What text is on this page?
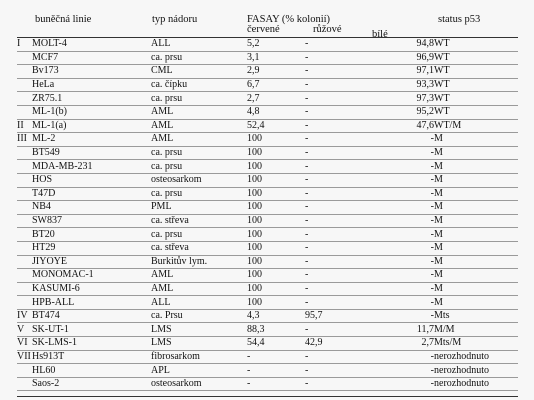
buněčná linie	typ nádoru	FASAY (% kolonií)
červené	růžové	bílé
status p53
I	MOLT-4	ALL	5,2	-	94,8	WT
	MCF7	ca. prsu	3,1	-	96,9	WT
	Bv173	CML	2,9	-	97,1	WT
	HeLa	ca. čípku	6,7	-	93,3	WT
	ZR75.1	ca. prsu	2,7	-	97,3	WT
	ML-1(b)	AML	4,8	-	95,2	WT
II	ML-1(a)	AML	52,4	-	47,6	WT/M
III	ML-2	AML	100	-	-	M
	BT549	ca. prsu	100	-	-	M
	MDA-MB-231	ca. prsu	100	-	-	M
	HOS	osteosarkom	100	-	-	M
	T47D	ca. prsu	100	-	-	M
	NB4	PML	100	-	-	M
	SW837	ca. střeva	100	-	-	M
	BT20	ca. prsu	100	-	-	M
	HT29	ca. střeva	100	-	-	M
	JIYOYE	Burkitův lym.	100	-	-	M
	MONOMAC-1	AML	100	-	-	M
	KASUMI-6	AML	100	-	-	M
	HPB-ALL	ALL	100	-	-	M
IV	BT474	ca. Prsu	4,3	95,7	-	Mts
V	SK-UT-1	LMS	88,3	-	11,7	M/M
VI	SK-LMS-1	LMS	54,4	42,9	2,7	Mts/M
VII	Hs913T	fibrosarkom	-	-	-	nerozhodnuto
	HL60	APL	-	-	-	nerozhodnuto
	Saos-2	osteosarkom	-	-	-	nerozhodnuto
